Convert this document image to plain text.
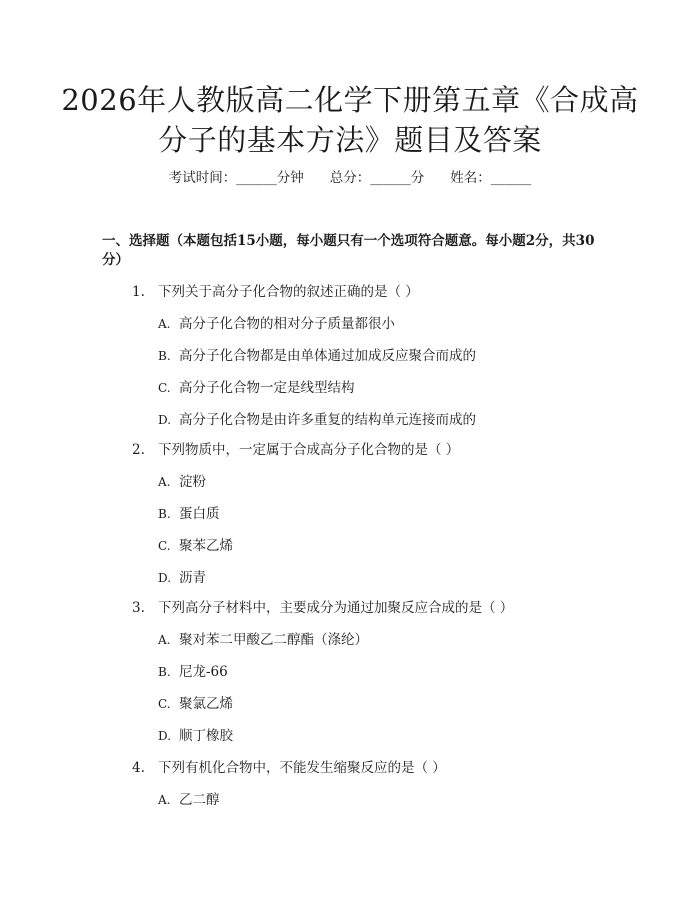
2026年人教版高二化学下册第五章《合成高
分子的基本方法》题目及答案
考试时间：______分钟 总分：______分 姓名：______
一、选择题（本题包括15小题，每小题只有一个选项符合题意。每小题2分，共30分）
1. 下列关于高分子化合物的叙述正确的是（ ）
A. 高分子化合物的相对分子质量都很小
B. 高分子化合物都是由单体通过加成反应聚合而成的
C. 高分子化合物一定是线型结构
D. 高分子化合物是由许多重复的结构单元连接而成的
2. 下列物质中，一定属于合成高分子化合物的是（ ）
A. 淀粉
B. 蛋白质
C. 聚苯乙烯
D. 沥青
3. 下列高分子材料中，主要成分为通过加聚反应合成的是（ ）
A. 聚对苯二甲酸乙二醇酯（涤纶）
B. 尼龙-66
C. 聚氯乙烯
D. 顺丁橡胶
4. 下列有机化合物中，不能发生缩聚反应的是（ ）
A. 乙二醇
